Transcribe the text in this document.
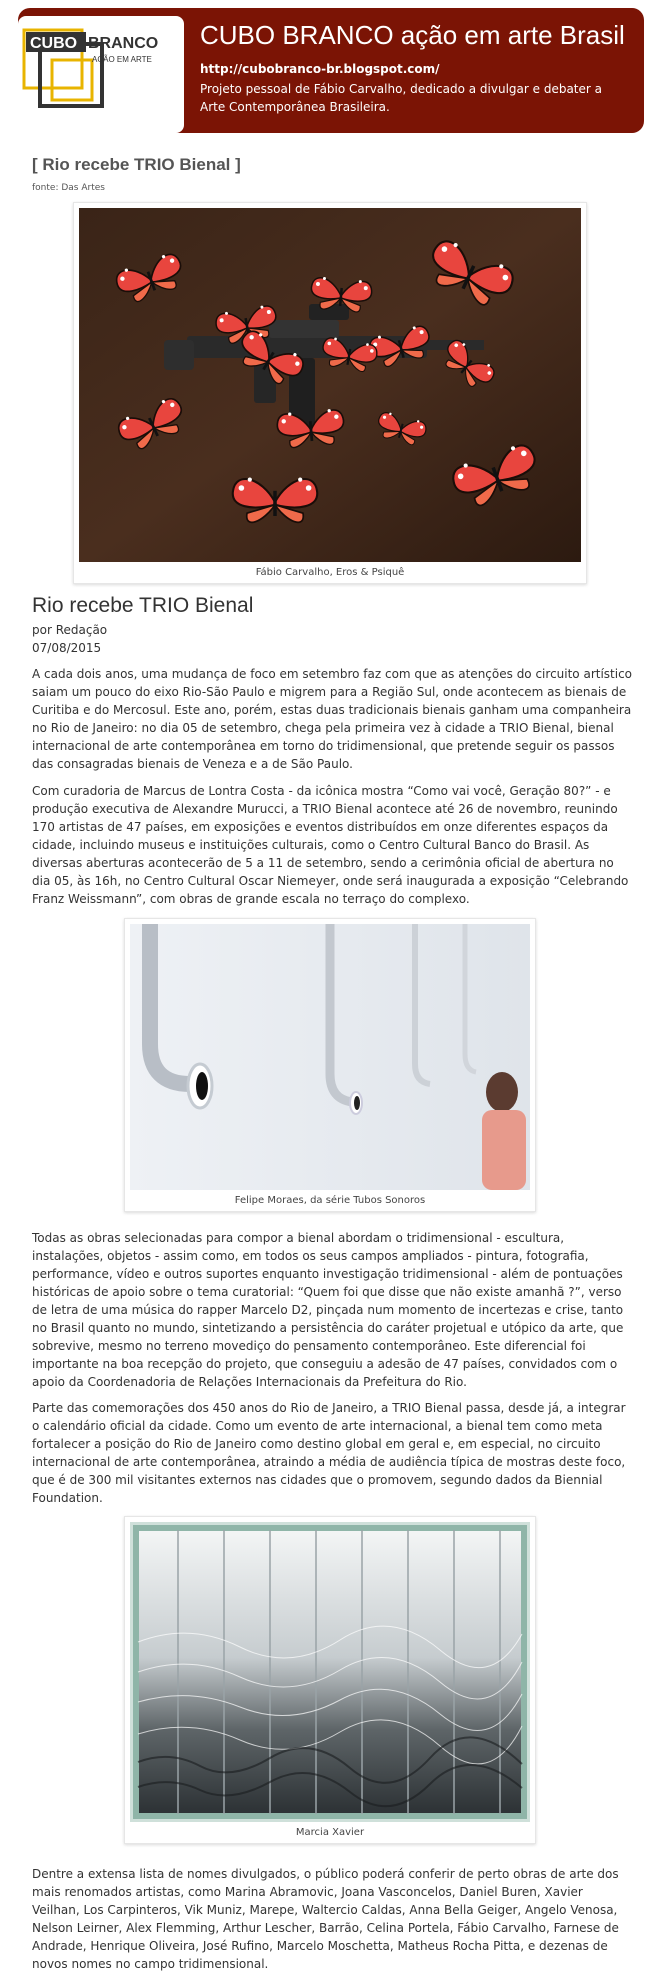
CUBO BRANCO
AÇÃO EM ARTE
CUBO BRANCO ação em arte Brasil
http://cubobranco-br.blogspot.com/
Projeto pessoal de Fábio Carvalho, dedicado a divulgar e debater a Arte Contemporânea Brasileira.
[ Rio recebe TRIO Bienal ]
fonte: Das Artes
Fábio Carvalho, Eros & Psiquê
Rio recebe TRIO Bienal
por Redação
07/08/2015
A cada dois anos, uma mudança de foco em setembro faz com que as atenções do circuito artístico saiam um pouco do eixo Rio-São Paulo e migrem para a Região Sul, onde acontecem as bienais de Curitiba e do Mercosul. Este ano, porém, estas duas tradicionais bienais ganham uma companheira no Rio de Janeiro: no dia 05 de setembro, chega pela primeira vez à cidade a TRIO Bienal, bienal internacional de arte contemporânea em torno do tridimensional, que pretende seguir os passos das consagradas bienais de Veneza e a de São Paulo.
Com curadoria de Marcus de Lontra Costa - da icônica mostra “Como vai você, Geração 80?” - e produção executiva de Alexandre Murucci, a TRIO Bienal acontece até 26 de novembro, reunindo 170 artistas de 47 países, em exposições e eventos distribuídos em onze diferentes espaços da cidade, incluindo museus e instituições culturais, como o Centro Cultural Banco do Brasil. As diversas aberturas acontecerão de 5 a 11 de setembro, sendo a cerimônia oficial de abertura no dia 05, às 16h, no Centro Cultural Oscar Niemeyer, onde será inaugurada a exposição “Celebrando Franz Weissmann”, com obras de grande escala no terraço do complexo.
Felipe Moraes, da série Tubos Sonoros
Todas as obras selecionadas para compor a bienal abordam o tridimensional - escultura, instalações, objetos - assim como, em todos os seus campos ampliados - pintura, fotografia, performance, vídeo e outros suportes enquanto investigação tridimensional - além de pontuações históricas de apoio sobre o tema curatorial: “Quem foi que disse que não existe amanhã ?”, verso de letra de uma música do rapper Marcelo D2, pinçada num momento de incertezas e crise, tanto no Brasil quanto no mundo, sintetizando a persistência do caráter projetual e utópico da arte, que sobrevive, mesmo no terreno movediço do pensamento contemporâneo. Este diferencial foi importante na boa recepção do projeto, que conseguiu a adesão de 47 países, convidados com o apoio da Coordenadoria de Relações Internacionais da Prefeitura do Rio.
Parte das comemorações dos 450 anos do Rio de Janeiro, a TRIO Bienal passa, desde já, a integrar o calendário oficial da cidade. Como um evento de arte internacional, a bienal tem como meta fortalecer a posição do Rio de Janeiro como destino global em geral e, em especial, no circuito internacional de arte contemporânea, atraindo a média de audiência típica de mostras deste foco, que é de 300 mil visitantes externos nas cidades que o promovem, segundo dados da Biennial Foundation.
Marcia Xavier
Dentre a extensa lista de nomes divulgados, o público poderá conferir de perto obras de arte dos mais renomados artistas, como Marina Abramovic, Joana Vasconcelos, Daniel Buren, Xavier Veilhan, Los Carpinteros, Vik Muniz, Marepe, Waltercio Caldas, Anna Bella Geiger, Angelo Venosa, Nelson Leirner, Alex Flemming, Arthur Lescher, Barrão, Celina Portela, Fábio Carvalho, Farnese de Andrade, Henrique Oliveira, José Rufino, Marcelo Moschetta, Matheus Rocha Pitta, e dezenas de novos nomes no campo tridimensional.
